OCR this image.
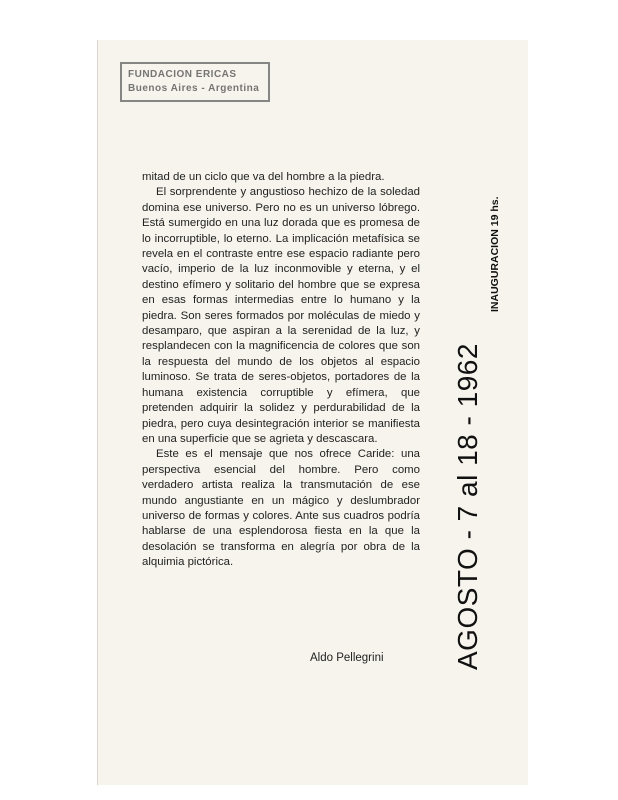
FUNDACION ERICAS
Buenos Aires - Argentina

mitad de un ciclo que va del hombre a la piedra.

El sorprendente y angustioso hechizo de la soledad domina ese universo. Pero no es un universo lóbrego. Está sumergido en una luz dorada que es promesa de lo incorruptible, lo eterno. La implicación metafísica se revela en el contraste entre ese espacio radiante pero vacío, imperio de la luz inconmovible y eterna, y el destino efímero y solitario del hombre que se expresa en esas formas intermedias entre lo humano y la piedra. Son seres formados por moléculas de miedo y desamparo, que aspiran a la serenidad de la luz, y resplandecen con la magnificencia de colores que son la respuesta del mundo de los objetos al espacio luminoso. Se trata de seres-objetos, portadores de la humana existencia corruptible y efímera, que pretenden adquirir la solidez y perdurabilidad de la piedra, pero cuya desintegración interior se manifiesta en una superficie que se agrieta y descascara.

Este es el mensaje que nos ofrece Caride: una perspectiva esencial del hombre. Pero como verdadero artista realiza la transmutación de ese mundo angustiante en un mágico y deslumbrador universo de formas y colores. Ante sus cuadros podría hablarse de una esplendorosa fiesta en la que la desolación se transforma en alegría por obra de la alquimia pictórica.

Aldo Pellegrini AGOSTO - 7 al 18 - 1962
INAUGURACION 19 hs.
